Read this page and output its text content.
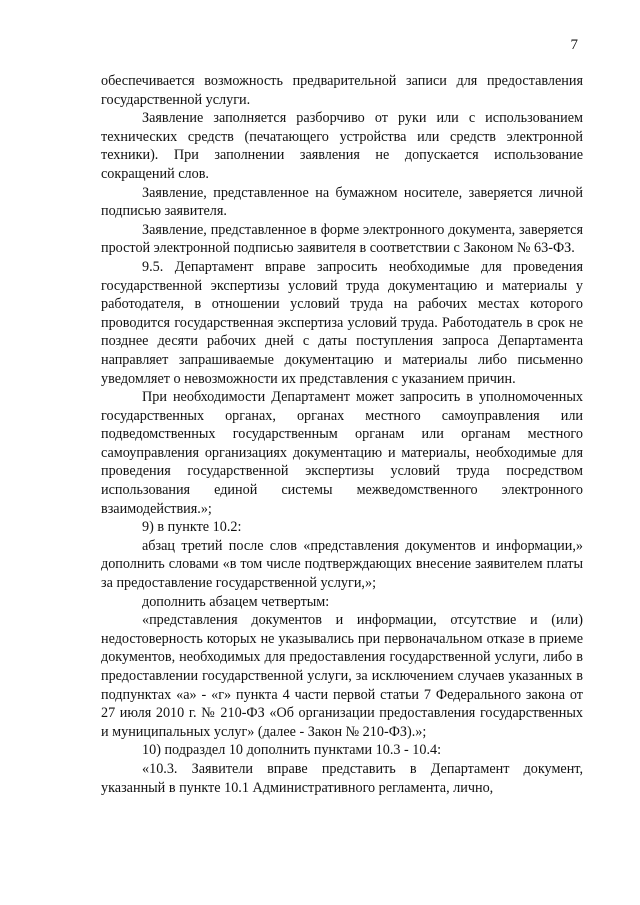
7

обеспечивается возможность предварительной записи для предоставления государственной услуги.

Заявление заполняется разборчиво от руки или с использованием технических средств (печатающего устройства или средств электронной техники). При заполнении заявления не допускается использование сокращений слов.

Заявление, представленное на бумажном носителе, заверяется личной подписью заявителя.

Заявление, представленное в форме электронного документа, заверяется простой электронной подписью заявителя в соответствии с Законом № 63-ФЗ.

9.5. Департамент вправе запросить необходимые для проведения государственной экспертизы условий труда документацию и материалы у работодателя, в отношении условий труда на рабочих местах которого проводится государственная экспертиза условий труда. Работодатель в срок не позднее десяти рабочих дней с даты поступления запроса Департамента направляет запрашиваемые документацию и материалы либо письменно уведомляет о невозможности их представления с указанием причин.

При необходимости Департамент может запросить в уполномоченных государственных органах, органах местного самоуправления или подведомственных государственным органам или органам местного самоуправления организациях документацию и материалы, необходимые для проведения государственной экспертизы условий труда посредством использования единой системы межведомственного электронного взаимодействия.»;

9) в пункте 10.2:

абзац третий после слов «представления документов и информации,» дополнить словами «в том числе подтверждающих внесение заявителем платы за предоставление государственной услуги,»;

дополнить абзацем четвертым:

«представления документов и информации, отсутствие и (или) недостоверность которых не указывались при первоначальном отказе в приеме документов, необходимых для предоставления государственной услуги, либо в предоставлении государственной услуги, за исключением случаев указанных в подпунктах «а» - «г» пункта 4 части первой статьи 7 Федерального закона от 27 июля 2010 г. № 210-ФЗ «Об организации предоставления государственных и муниципальных услуг» (далее - Закон № 210-ФЗ).»;

10) подраздел 10 дополнить пунктами 10.3 - 10.4:

«10.3. Заявители вправе представить в Департамент документ, указанный в пункте 10.1 Административного регламента, лично,
